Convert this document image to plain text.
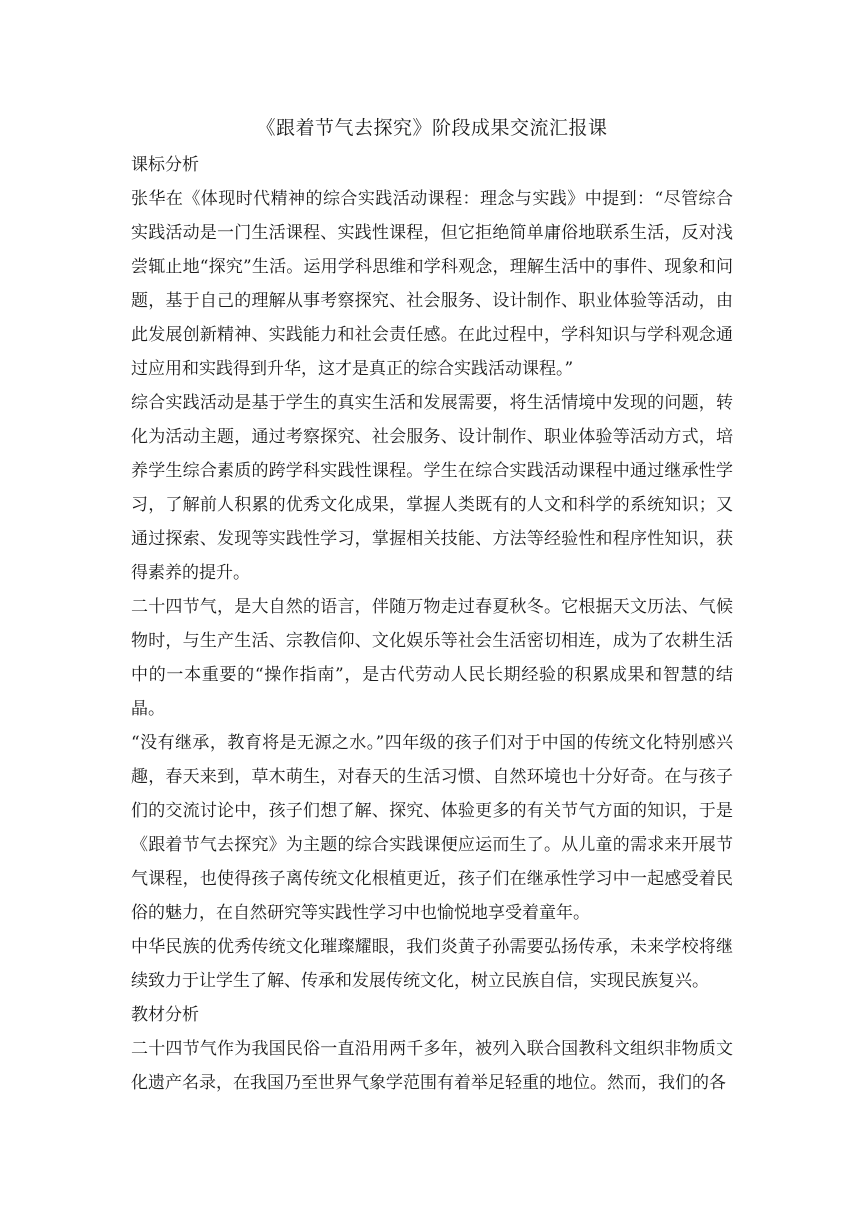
《跟着节气去探究》阶段成果交流汇报课

课标分析

张华在《体现时代精神的综合实践活动课程：理念与实践》中提到：“尽管综合实践活动是一门生活课程、实践性课程，但它拒绝简单庸俗地联系生活，反对浅尝辄止地“探究”生活。运用学科思维和学科观念，理解生活中的事件、现象和问题，基于自己的理解从事考察探究、社会服务、设计制作、职业体验等活动，由此发展创新精神、实践能力和社会责任感。在此过程中，学科知识与学科观念通过应用和实践得到升华，这才是真正的综合实践活动课程。”

综合实践活动是基于学生的真实生活和发展需要，将生活情境中发现的问题，转化为活动主题，通过考察探究、社会服务、设计制作、职业体验等活动方式，培养学生综合素质的跨学科实践性课程。学生在综合实践活动课程中通过继承性学习，了解前人积累的优秀文化成果，掌握人类既有的人文和科学的系统知识；又通过探索、发现等实践性学习，掌握相关技能、方法等经验性和程序性知识，获得素养的提升。

二十四节气，是大自然的语言，伴随万物走过春夏秋冬。它根据天文历法、气候物时，与生产生活、宗教信仰、文化娱乐等社会生活密切相连，成为了农耕生活中的一本重要的“操作指南”，是古代劳动人民长期经验的积累成果和智慧的结晶。

“没有继承，教育将是无源之水。”四年级的孩子们对于中国的传统文化特别感兴趣，春天来到，草木萌生，对春天的生活习惯、自然环境也十分好奇。在与孩子们的交流讨论中，孩子们想了解、探究、体验更多的有关节气方面的知识，于是《跟着节气去探究》为主题的综合实践课便应运而生了。从儿童的需求来开展节气课程，也使得孩子离传统文化根植更近，孩子们在继承性学习中一起感受着民俗的魅力，在自然研究等实践性学习中也愉悦地享受着童年。

中华民族的优秀传统文化璀璨耀眼，我们炎黄子孙需要弘扬传承，未来学校将继续致力于让学生了解、传承和发展传统文化，树立民族自信，实现民族复兴。

教材分析

二十四节气作为我国民俗一直沿用两千多年，被列入联合国教科文组织非物质文化遗产名录，在我国乃至世界气象学范围有着举足轻重的地位。然而，我们的各
